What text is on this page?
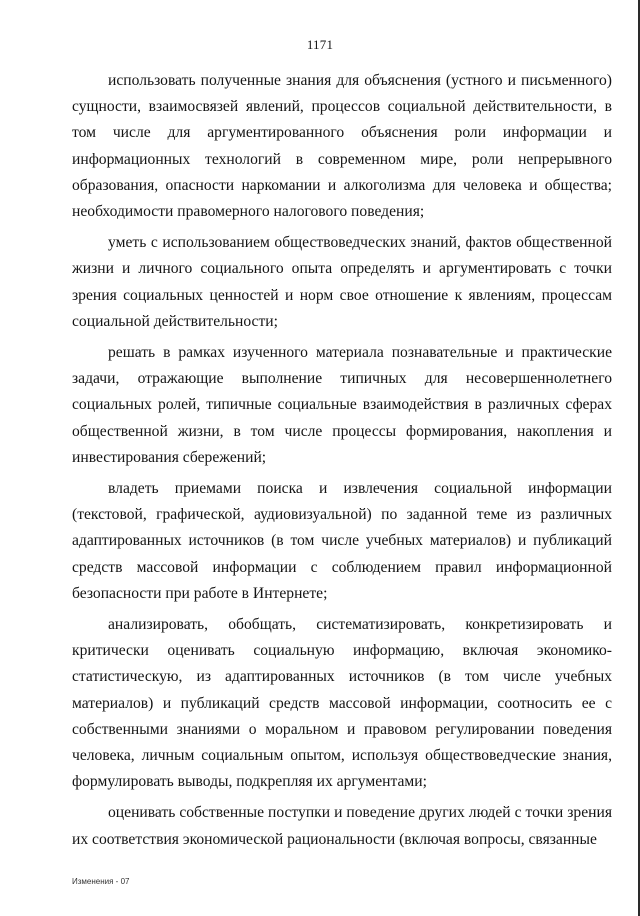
1171

использовать полученные знания для объяснения (устного и письменного) сущности, взаимосвязей явлений, процессов социальной действительности, в том числе для аргументированного объяснения роли информации и информационных технологий в современном мире, роли непрерывного образования, опасности наркомании и алкоголизма для человека и общества; необходимости правомерного налогового поведения;

уметь с использованием обществоведческих знаний, фактов общественной жизни и личного социального опыта определять и аргументировать с точки зрения социальных ценностей и норм свое отношение к явлениям, процессам социальной действительности;

решать в рамках изученного материала познавательные и практические задачи, отражающие выполнение типичных для несовершеннолетнего социальных ролей, типичные социальные взаимодействия в различных сферах общественной жизни, в том числе процессы формирования, накопления и инвестирования сбережений;

владеть приемами поиска и извлечения социальной информации (текстовой, графической, аудиовизуальной) по заданной теме из различных адаптированных источников (в том числе учебных материалов) и публикаций средств массовой информации с соблюдением правил информационной безопасности при работе в Интернете;

анализировать, обобщать, систематизировать, конкретизировать и критически оценивать социальную информацию, включая экономико-статистическую, из адаптированных источников (в том числе учебных материалов) и публикаций средств массовой информации, соотносить ее с собственными знаниями о моральном и правовом регулировании поведения человека, личным социальным опытом, используя обществоведческие знания, формулировать выводы, подкрепляя их аргументами;

оценивать собственные поступки и поведение других людей с точки зрения их соответствия экономической рациональности (включая вопросы, связанные

Изменения - 07
